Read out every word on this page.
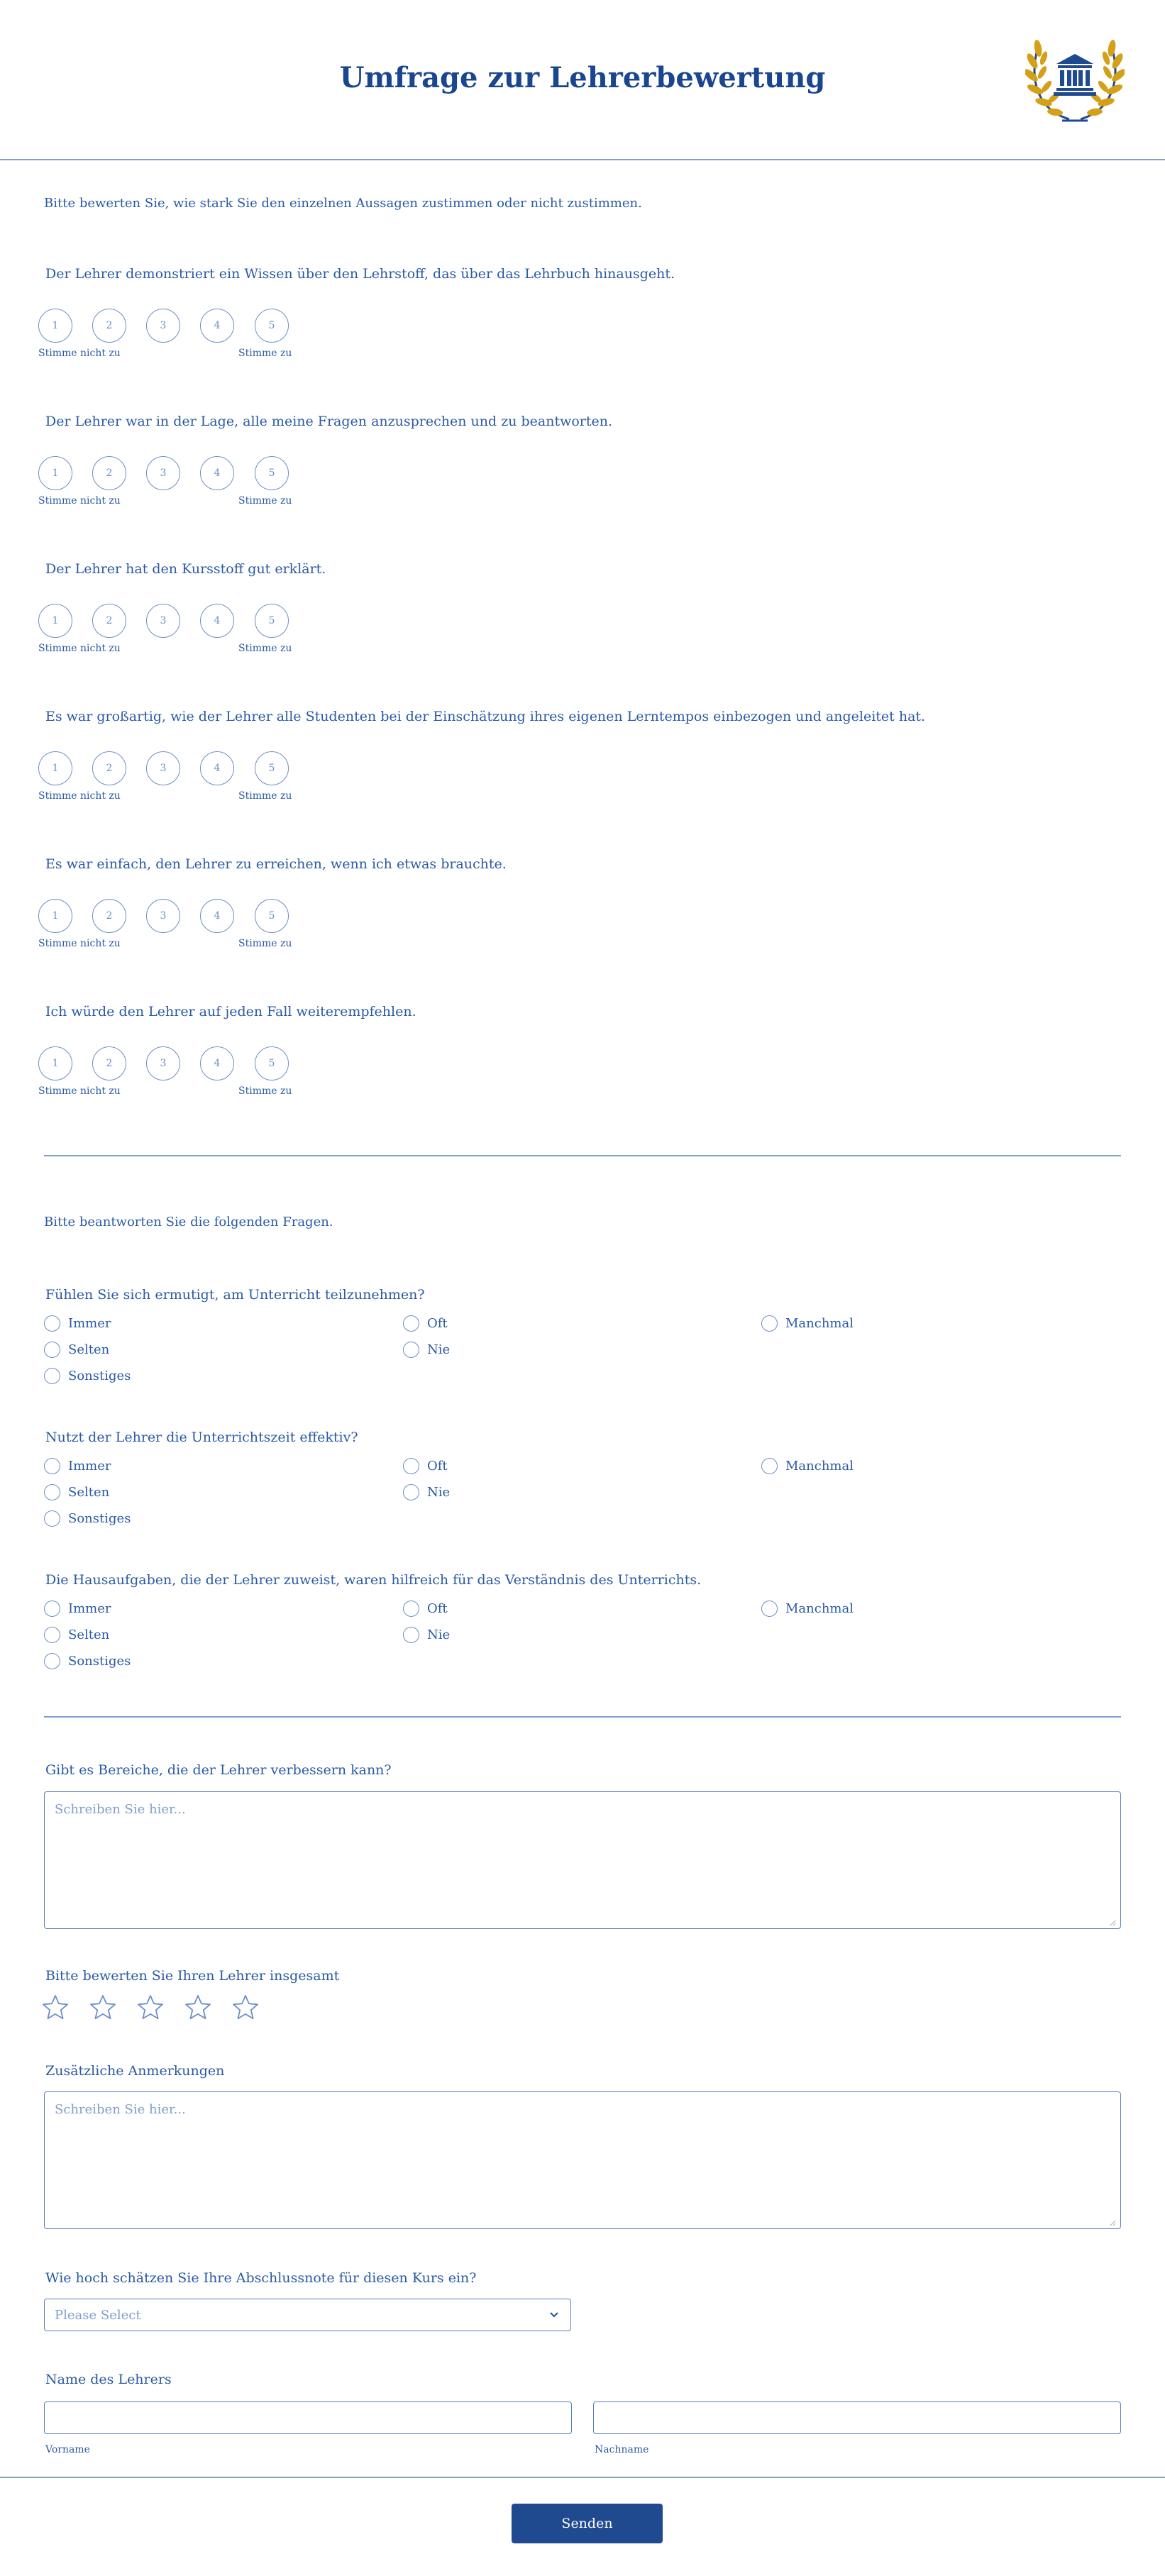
Umfrage zur Lehrerbewertung
Bitte bewerten Sie, wie stark Sie den einzelnen Aussagen zustimmen oder nicht zustimmen.
Der Lehrer demonstriert ein Wissen über den Lehrstoff, das über das Lehrbuch hinausgeht.
1	2	3	4	5
Stimme nicht zu	Stimme zu
Der Lehrer war in der Lage, alle meine Fragen anzusprechen und zu beantworten.
1	2	3	4	5
Stimme nicht zu	Stimme zu
Der Lehrer hat den Kursstoff gut erklärt.
1	2	3	4	5
Stimme nicht zu	Stimme zu
Es war großartig, wie der Lehrer alle Studenten bei der Einschätzung ihres eigenen Lerntempos einbezogen und angeleitet hat.
1	2	3	4	5
Stimme nicht zu	Stimme zu
Es war einfach, den Lehrer zu erreichen, wenn ich etwas brauchte.
1	2	3	4	5
Stimme nicht zu	Stimme zu
Ich würde den Lehrer auf jeden Fall weiterempfehlen.
1	2	3	4	5
Stimme nicht zu	Stimme zu
Bitte beantworten Sie die folgenden Fragen.
Fühlen Sie sich ermutigt, am Unterricht teilzunehmen?
Immer	Oft	Manchmal
Selten	Nie
Sonstiges
Nutzt der Lehrer die Unterrichtszeit effektiv?
Immer	Oft	Manchmal
Selten	Nie
Sonstiges
Die Hausaufgaben, die der Lehrer zuweist, waren hilfreich für das Verständnis des Unterrichts.
Immer	Oft	Manchmal
Selten	Nie
Sonstiges
Gibt es Bereiche, die der Lehrer verbessern kann?
Schreiben Sie hier...
Bitte bewerten Sie Ihren Lehrer insgesamt
Zusätzliche Anmerkungen
Schreiben Sie hier...
Wie hoch schätzen Sie Ihre Abschlussnote für diesen Kurs ein?
Please Select
Name des Lehrers
Vorname	Nachname
Senden
